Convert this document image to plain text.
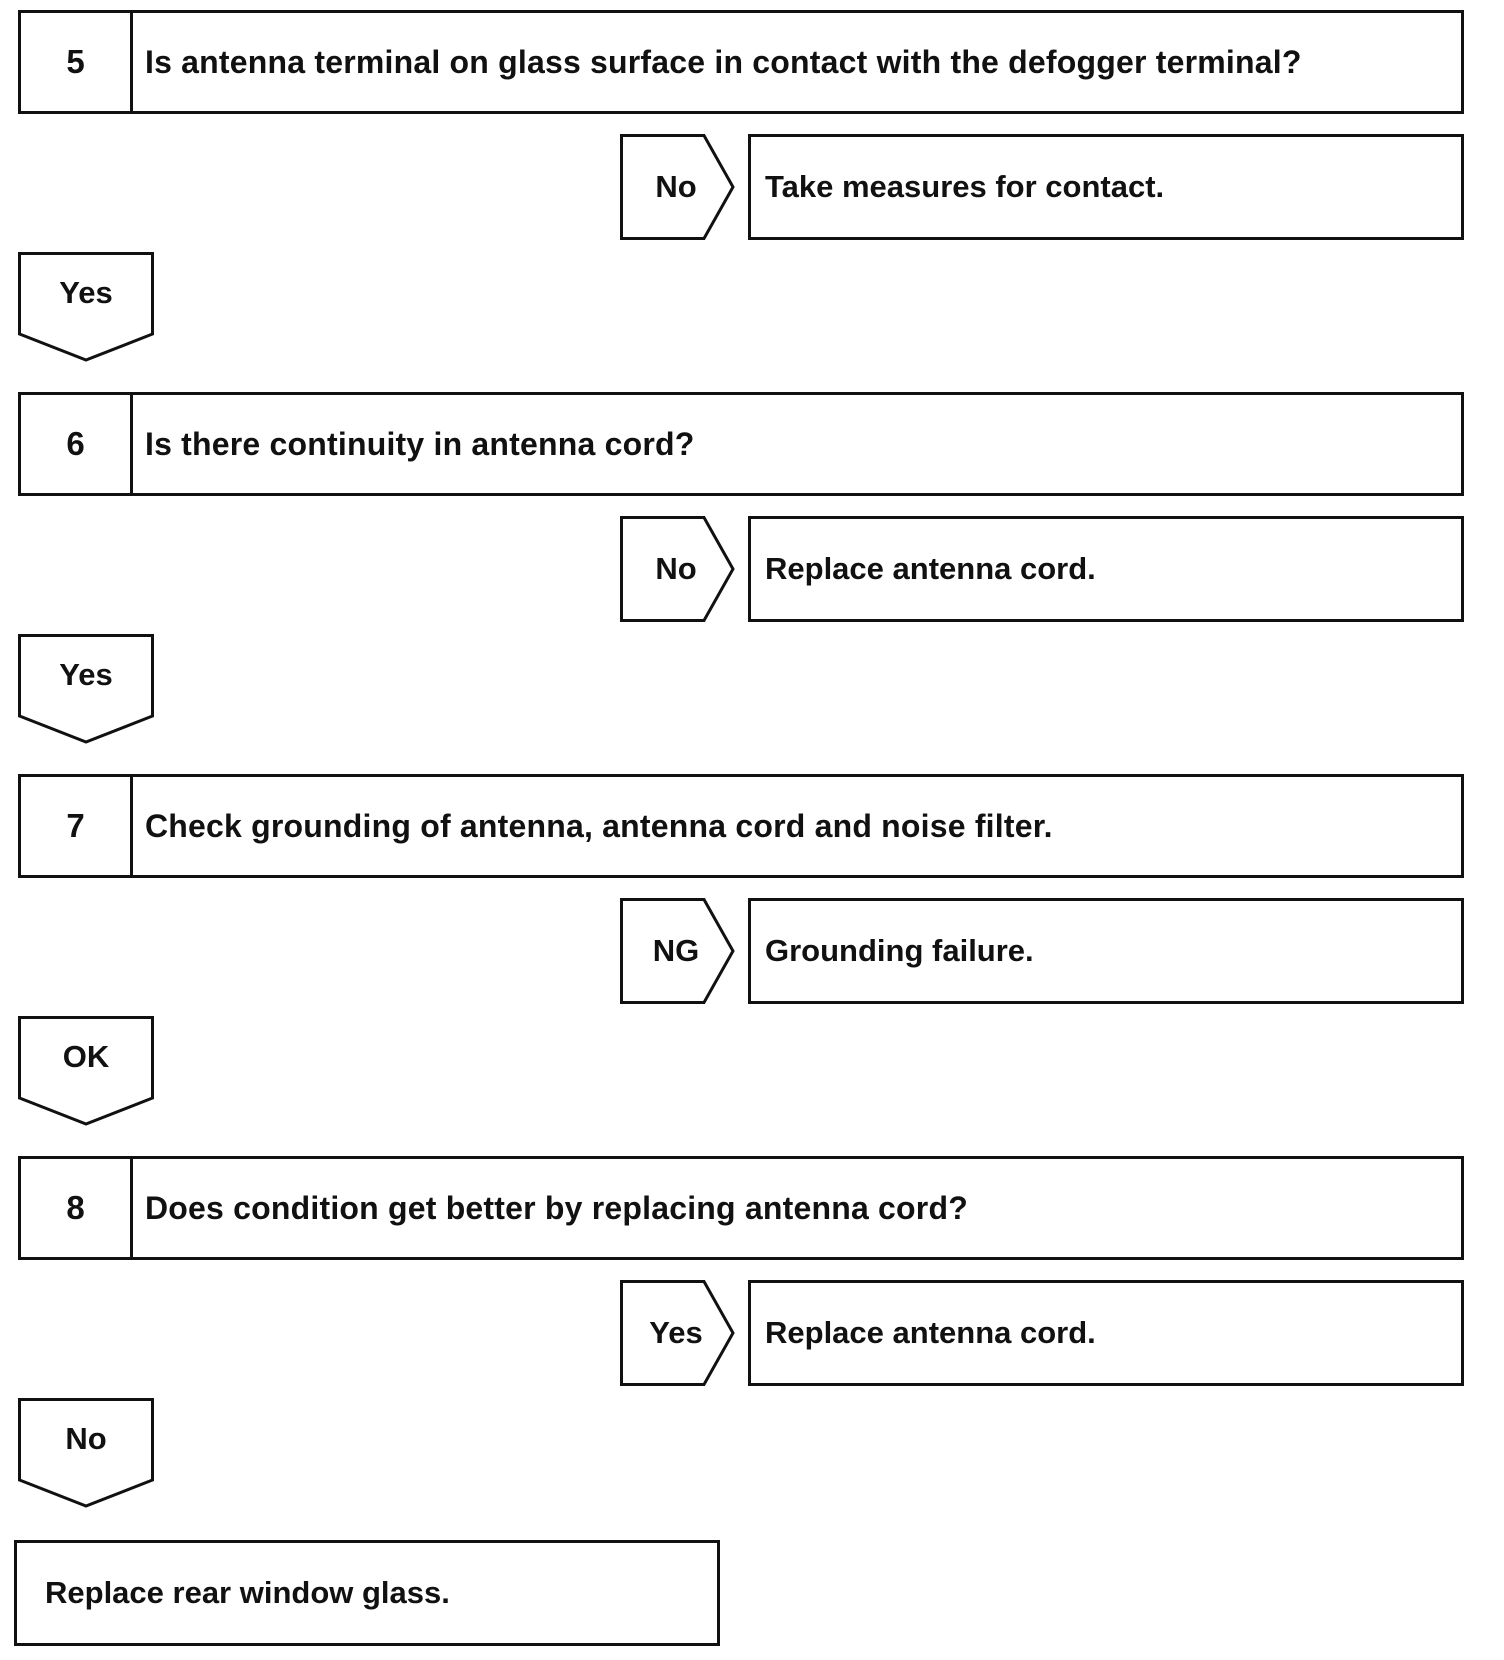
5	Is antenna terminal on glass surface in contact with the defogger terminal?
No	Take measures for contact.
Yes
6	Is there continuity in antenna cord?
No	Replace antenna cord.
Yes
7	Check grounding of antenna, antenna cord and noise filter.
NG	Grounding failure.
OK
8	Does condition get better by replacing antenna cord?
Yes	Replace antenna cord.
No
Replace rear window glass.
